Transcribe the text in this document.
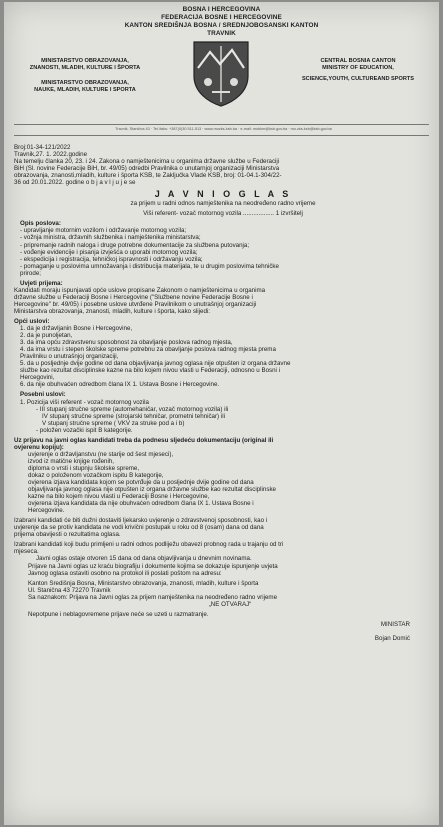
BOSNA I HERCEGOVINA
FEDERACIJA BOSNE I HERCEGOVINE
KANTON SREDIŠNJA BOSNA / SREDNJOBOSANSKI KANTON
TRAVNIK
MINISTARSTVO OBRAZOVANJA,
ZNANOSTI, MLADIH, KULTURE I ŠPORTA
MINISTARSTVO OBRAZOVANJA,
NAUKE, MLADIH, KULTURE I SPORTA
CENTRAL BOSNIA CANTON
MINISTRY OF EDUCATION,
SCIENCE,YOUTH, CULTUREAND SPORTS
Travnik, Stanična 43 · Tel./faks: +387(0)30 511-513 · www.mozks-ksb.ba · e-mail: mobkm@ksb.gov.ba · mo.zks-ksb@ksb.gov.ba

Broj:01-34-121/2022

Travnik,27. 1. 2022.godine

Na temelju članka 20, 23. i 24. Zakona o namještenicima u organima državne službe u Federaciji

BiH (Sl. novine Federacije BiH, br. 49/05) odredbi Pravilnika o unutarnjoj organizaciji Ministarstva

obrazovanja, znanosti,mladih, kulture i športa KSB, te Zaključka Vlade KSB, broj: 01-04.1-304/22-

36 od 20.01.2022. godine o b j a v l j u j e se

J A V N I O G L A S

za prijem u radni odnos namještenika na neodređeno radno vrijeme

Viši referent- vozač motornog vozila .................. 1 izvršitelj

Opis poslova:

- upravljanje motornim vozilom i održavanje motornog vozila;

- vožnja ministra, državnih službenika i namještenika ministarstva;

- pripremanje radnih naloga i druge potrebne dokumentacije za službena putovanja;

- vođenje evidencije i pisanja izvješća o uporabi motornog vozila;

- ekspedicija i registracija, tehničkoj ispravnosti i održavanju vozila;

- pomaganje u poslovima umnožavanja i distribucija materijala, te u drugim poslovima tehničke

prirode;

Uvjeti prijema:

Kandidati moraju ispunjavati opće uslove propisane Zakonom o namještenicima u organima

državne službe u Federaciji Bosne i Hercegovine ("Službene novine Federacije Bosne i

Hercegovine" br. 49/05) i posebne uslove utvrđene Pravilnikom o unutrašnjoj organizaciji

Ministarstva obrazovanja, znanosti, mladih, kulture i športa, kako slijedi:

Opći uslovi:

1. da je državljanin Bosne i Hercegovine,

2. da je punoljetan,

3. da ima opću zdravstvenu sposobnost za obavljanje poslova radnog mjesta,

4. da ima vrstu i stepen školske spreme potrebnu za obavljanje poslova radnog mjesta prema

Pravilniku o unutrašnjoj organizaciji,

5. da u posljednje dvije godine od dana objavljivanja javnog oglasa nije otpušten iz organa državne

službe kao rezultat disciplinske kazne na bilo kojem nivou vlasti u Federaciji, odnosno u Bosni i

Hercegovini,

6. da nije obuhvaćen odredbom člana IX 1. Ustava Bosne i Hercegovine.

Posebni uslovi:

1. Pozicija viši referent - vozač motornog vozila

- III stupanj stručne spreme (automehaničar, vozač motornog vozila) ili

IV stupanj stručne spreme (strojarski tehničar, prometni tehničar) ili

V stupanj stručne spreme ( VKV za struke pod a i b)

- položen vozački ispit B kategorije.

Uz prijavu na javni oglas kandidati treba da podnesu sljedeću dokumentaciju (original ili

ovjerenu kopiju):

uvjerenje o državljanstvu (ne starije od šest mjeseci),

izvod iz matične knjige rođenih,

diploma o vrsti i stupnju školske spreme,

dokaz o položenom vozačkom ispitu B kategorije,

ovjerena izjava kandidata kojom se potvrđuje da u posljednje dvije godine od dana

objavljivanja javnog oglasa nije otpušten iz organa državne službe kao rezultat disciplinske

kazne na bilo kojem nivou vlasti u Federaciji Bosne i Hercegovine,

ovjerena izjava kandidata da nije obuhvaćen odredbom člana IX 1. Ustava Bosne i

Hercegovine.

Izabrani kandidati će biti dužni dostaviti ljekarsko uvjerenje o zdravstvenoj sposobnosti, kao i

uvjerenje da se protiv kandidata ne vodi krivični postupak u roku od 8 (osam) dana od dana

prijema obavijesti o rezultatima oglasa.

Izabrani kandidati koji budu primljeni u radni odnos podliježu obavezi probnog rada u trajanju od tri

mjeseca.

Javni oglas ostaje otvoren 15 dana od dana objavljivanja u dnevnim novinama.

Prijave na Javni oglas uz kraću biografiju i dokumente kojima se dokazuje ispunjenje uvjeta

Javnog oglasa ostaviti osobno na protokol ili poslati poštom na adresu:

Kanton Središnja Bosna, Ministarstvo obrazovanja, znanosti, mladih, kulture i športa

Ul. Stanična 43 72270 Travnik

Sa naznakom: Prijava na Javni oglas za prijem namještenika na neodređeno radno vrijeme

„NE OTVARAJ“

Nepotpune i neblagovremene prijave neće se uzeti u razmatranje.

MINISTAR

Bojan Domić
